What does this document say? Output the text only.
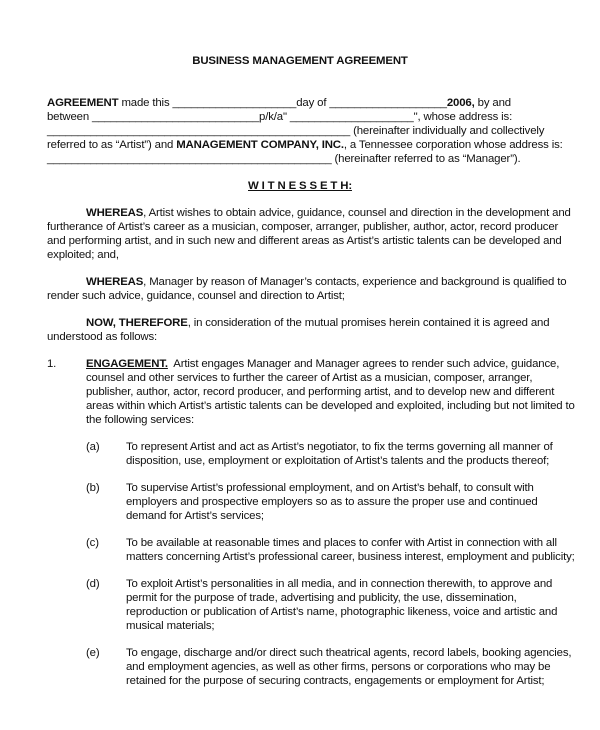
BUSINESS MANAGEMENT AGREEMENT
AGREEMENT made this ____________________day of ___________________2006, by and
between ___________________________p/k/a" ____________________", whose address is:
_________________________________________________ (hereinafter individually and collectively
referred to as “Artist”) and MANAGEMENT COMPANY, INC., a Tennessee corporation whose address is:
______________________________________________ (hereinafter referred to as “Manager”).
W I T N E S S E T H:
WHEREAS, Artist wishes to obtain advice, guidance, counsel and direction in the development and
furtherance of Artist’s career as a musician, composer, arranger, publisher, author, actor, record producer
and performing artist, and in such new and different areas as Artist’s artistic talents can be developed and
exploited; and,
WHEREAS, Manager by reason of Manager’s contacts, experience and background is qualified to
render such advice, guidance, counsel and direction to Artist;
NOW, THEREFORE, in consideration of the mutual promises herein contained it is agreed and
understood as follows:
1.	ENGAGEMENT.  Artist engages Manager and Manager agrees to render such advice, guidance,
counsel and other services to further the career of Artist as a musician, composer, arranger,
publisher, author, actor, record producer, and performing artist, and to develop new and different
areas within which Artist’s artistic talents can be developed and exploited, including but not limited to
the following services:
(a) To represent Artist and act as Artist’s negotiator, to fix the terms governing all manner of
disposition, use, employment or exploitation of Artist’s talents and the products thereof;
(b) To supervise Artist’s professional employment, and on Artist’s behalf, to consult with
employers and prospective employers so as to assure the proper use and continued
demand for Artist’s services;
(c) To be available at reasonable times and places to confer with Artist in connection with all
matters concerning Artist’s professional career, business interest, employment and publicity;
(d) To exploit Artist’s personalities in all media, and in connection therewith, to approve and
permit for the purpose of trade, advertising and publicity, the use, dissemination,
reproduction or publication of Artist’s name, photographic likeness, voice and artistic and
musical materials;
(e) To engage, discharge and/or direct such theatrical agents, record labels, booking agencies,
and employment agencies, as well as other firms, persons or corporations who may be
retained for the purpose of securing contracts, engagements or employment for Artist;
